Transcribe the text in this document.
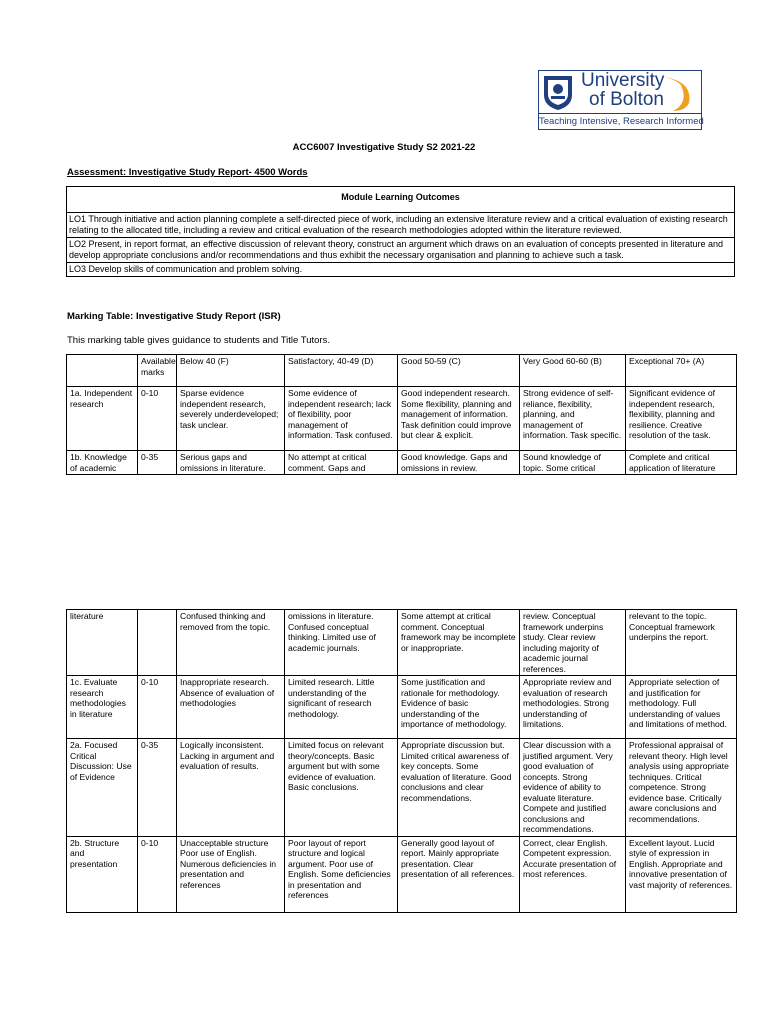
University
of Bolton
Teaching Intensive, Research Informed
ACC6007 Investigative Study S2 2021-22
Assessment: Investigative Study Report- 4500 Words
Module Learning Outcomes
LO1 Through initiative and action planning complete a self-directed piece of work, including an extensive literature review and a critical evaluation of existing research relating to the allocated title, including a review and critical evaluation of the research methodologies adopted within the literature reviewed.
LO2 Present, in report format, an effective discussion of relevant theory, construct an argument which draws on an evaluation of concepts presented in literature and develop appropriate conclusions and/or recommendations and thus exhibit the necessary organisation and planning to achieve such a task.
LO3 Develop skills of communication and problem solving.
Marking Table: Investigative Study Report (ISR)
This marking table gives guidance to students and Title Tutors.
	Available marks	Below 40 (F)	Satisfactory, 40-49 (D)	Good 50-59 (C)	Very Good 60-60 (B)	Exceptional 70+ (A)
1a. Independent research	0-10	Sparse evidence independent research, severely underdeveloped; task unclear.	Some evidence of independent research; lack of flexibility, poor management of information. Task confused.	Good independent research. Some flexibility, planning and management of information. Task definition could improve but clear & explicit.	Strong evidence of self-reliance, flexibility, planning, and management of information. Task specific.	Significant evidence of independent research, flexibility, planning and resilience. Creative resolution of the task.
1b. Knowledge of academic	0-35	Serious gaps and omissions in literature.	No attempt at critical comment. Gaps and	Good knowledge. Gaps and omissions in review.	Sound knowledge of topic. Some critical	Complete and critical application of literature
literature		Confused thinking and removed from the topic.	omissions in literature. Confused conceptual thinking. Limited use of academic journals.	Some attempt at critical comment. Conceptual framework may be incomplete or inappropriate.	review. Conceptual framework underpins study. Clear review including majority of academic journal references.	relevant to the topic. Conceptual framework underpins the report.
1c. Evaluate research methodologies in literature	0-10	Inappropriate research. Absence of evaluation of methodologies	Limited research. Little understanding of the significant of research methodology.	Some justification and rationale for methodology. Evidence of basic understanding of the importance of methodology.	Appropriate review and evaluation of research methodologies. Strong understanding of limitations.	Appropriate selection of and justification for methodology. Full understanding of values and limitations of method.
2a. Focused Critical Discussion: Use of Evidence	0-35	Logically inconsistent. Lacking in argument and evaluation of results.	Limited focus on relevant theory/concepts. Basic argument but with some evidence of evaluation. Basic conclusions.	Appropriate discussion but. Limited critical awareness of key concepts. Some evaluation of literature. Good conclusions and clear recommendations.	Clear discussion with a justified argument. Very good evaluation of concepts. Strong evidence of ability to evaluate literature. Compete and justified conclusions and recommendations.	Professional appraisal of relevant theory. High level analysis using appropriate techniques. Critical competence. Strong evidence base. Critically aware conclusions and recommendations.
2b. Structure and presentation	0-10	Unacceptable structure Poor use of English. Numerous deficiencies in presentation and references	Poor layout of report structure and logical argument. Poor use of English. Some deficiencies in presentation and references	Generally good layout of report. Mainly appropriate presentation. Clear presentation of all references.	Correct, clear English. Competent expression. Accurate presentation of most references.	Excellent layout. Lucid style of expression in English. Appropriate and innovative presentation of vast majority of references.
